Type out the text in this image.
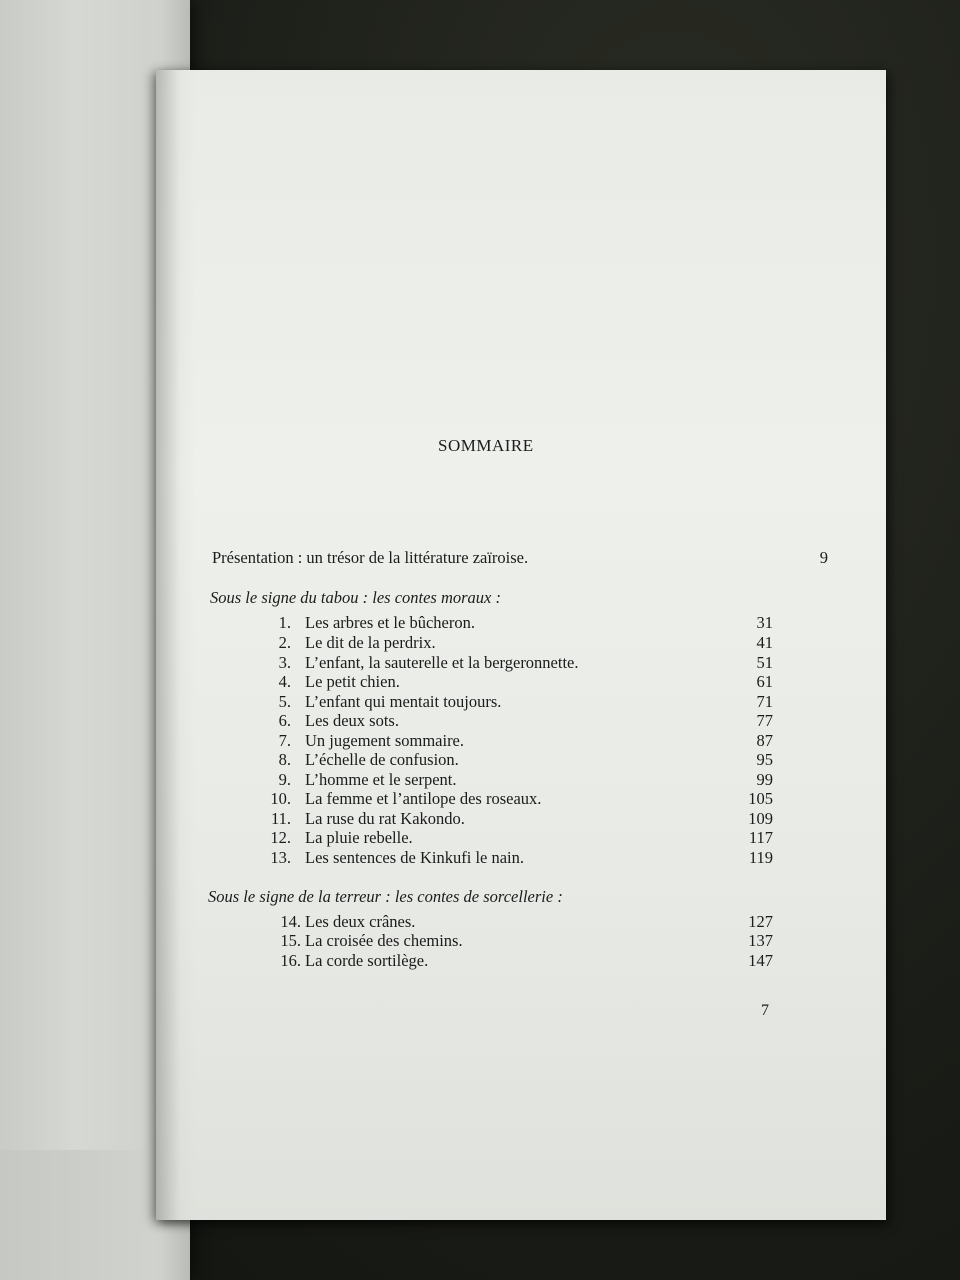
SOMMAIRE
Présentation : un trésor de la littérature zaïroise.	9
Sous le signe du tabou : les contes moraux :
1. Les arbres et le bûcheron.	31
2. Le dit de la perdrix.	41
3. L’enfant, la sauterelle et la bergeronnette.	51
4. Le petit chien.	61
5. L’enfant qui mentait toujours.	71
6. Les deux sots.	77
7. Un jugement sommaire.	87
8. L’échelle de confusion.	95
9. L’homme et le serpent.	99
10. La femme et l’antilope des roseaux.	105
11. La ruse du rat Kakondo.	109
12. La pluie rebelle.	117
13. Les sentences de Kinkufi le nain.	119
Sous le signe de la terreur : les contes de sorcellerie :
14. Les deux crânes.	127
15. La croisée des chemins.	137
16. La corde sortilège.	147
7
